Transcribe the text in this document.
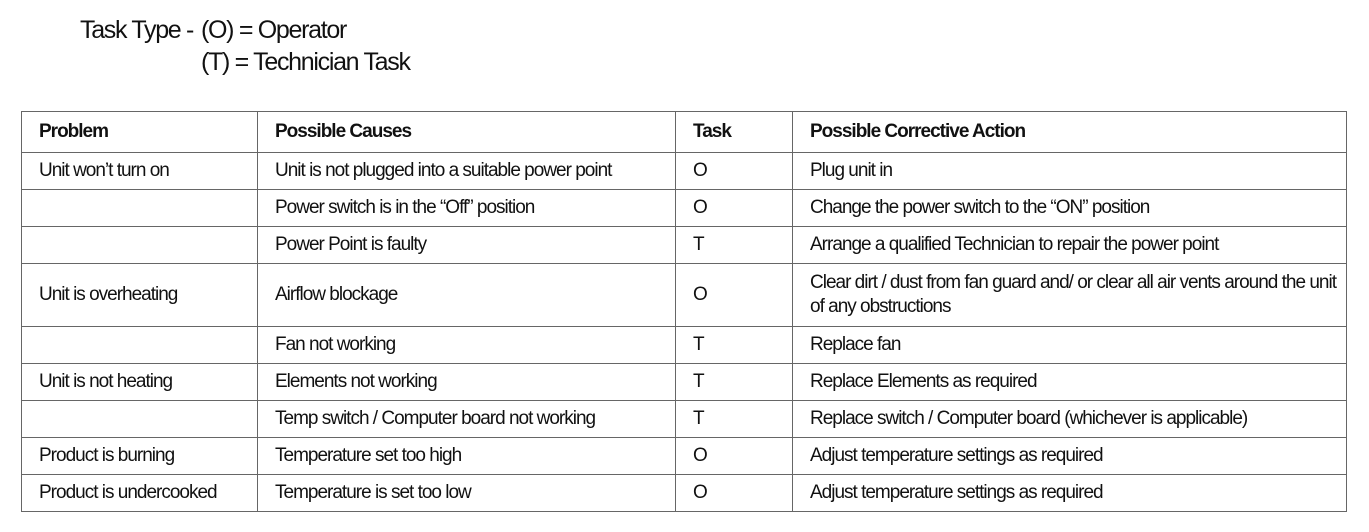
Task Type - (O) = Operator
(T) = Technician Task
Problem	Possible Causes	Task	Possible Corrective Action
Unit won’t turn on	Unit is not plugged into a suitable power point	O	Plug unit in
	Power switch is in the “Off” position	O	Change the power switch to the “ON” position
	Power Point is faulty	T	Arrange a qualified Technician to repair the power point
Unit is overheating	Airflow blockage	O	Clear dirt / dust from fan guard and/ or clear all air vents around the unit of any obstructions
	Fan not working	T	Replace fan
Unit is not heating	Elements not working	T	Replace Elements as required
	Temp switch / Computer board not working	T	Replace switch / Computer board (whichever is applicable)
Product is burning	Temperature set too high	O	Adjust temperature settings as required
Product is undercooked	Temperature is set too low	O	Adjust temperature settings as required
